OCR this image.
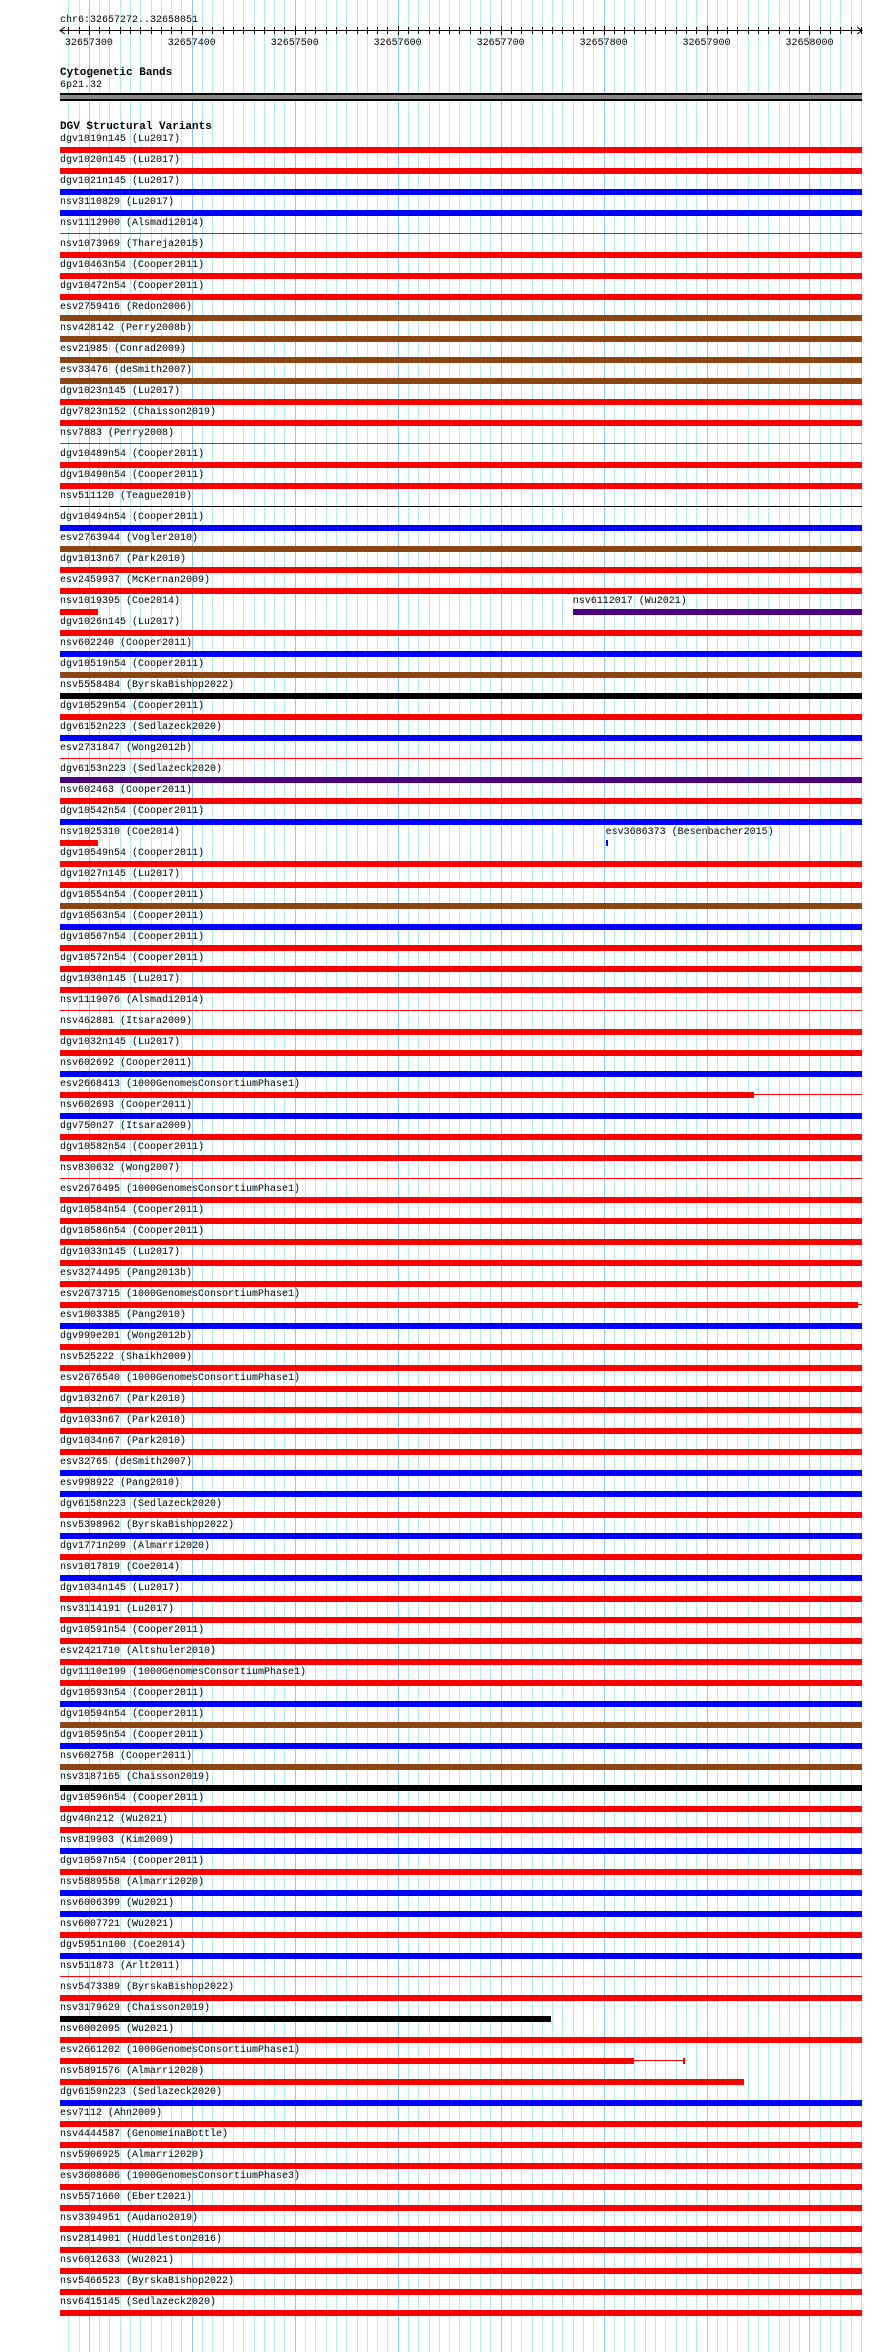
chr6:32657272..32658051
32657300	32657400	32657500	32657600	32657700	32657800	32657900	32658000
Cytogenetic Bands
6p21.32
DGV Structural Variants
dgv1019n145 (Lu2017)
dgv1020n145 (Lu2017)
dgv1021n145 (Lu2017)
nsv3110829 (Lu2017)
nsv1112900 (Alsmadi2014)
nsv1073969 (Thareja2015)
dgv10463n54 (Cooper2011)
dgv10472n54 (Cooper2011)
esv2759416 (Redon2006)
nsv428142 (Perry2008b)
esv21985 (Conrad2009)
esv33476 (deSmith2007)
dgv1023n145 (Lu2017)
dgv7823n152 (Chaisson2019)
nsv7883 (Perry2008)
dgv10489n54 (Cooper2011)
dgv10490n54 (Cooper2011)
nsv511120 (Teague2010)
dgv10494n54 (Cooper2011)
esv2763944 (Vogler2010)
dgv1013n67 (Park2010)
esv2459937 (McKernan2009)
nsv1019395 (Coe2014)	nsv6112017 (Wu2021)
dgv1026n145 (Lu2017)
nsv602240 (Cooper2011)
dgv10519n54 (Cooper2011)
nsv5558484 (ByrskaBishop2022)
dgv10529n54 (Cooper2011)
dgv6152n223 (Sedlazeck2020)
esv2731847 (Wong2012b)
dgv6153n223 (Sedlazeck2020)
nsv602463 (Cooper2011)
dgv10542n54 (Cooper2011)
nsv1025310 (Coe2014)	esv3686373 (Besenbacher2015)
dgv10549n54 (Cooper2011)
dgv1027n145 (Lu2017)
dgv10554n54 (Cooper2011)
dgv10563n54 (Cooper2011)
dgv10567n54 (Cooper2011)
dgv10572n54 (Cooper2011)
dgv1030n145 (Lu2017)
nsv1119076 (Alsmadi2014)
nsv462881 (Itsara2009)
dgv1032n145 (Lu2017)
nsv602692 (Cooper2011)
esv2668413 (1000GenomesConsortiumPhase1)
nsv602693 (Cooper2011)
dgv750n27 (Itsara2009)
dgv10582n54 (Cooper2011)
nsv830632 (Wong2007)
esv2676495 (1000GenomesConsortiumPhase1)
dgv10584n54 (Cooper2011)
dgv10586n54 (Cooper2011)
dgv1033n145 (Lu2017)
esv3274495 (Pang2013b)
esv2673715 (1000GenomesConsortiumPhase1)
esv1003385 (Pang2010)
dgv999e201 (Wong2012b)
nsv525222 (Shaikh2009)
esv2676540 (1000GenomesConsortiumPhase1)
dgv1032n67 (Park2010)
dgv1033n67 (Park2010)
dgv1034n67 (Park2010)
esv32765 (deSmith2007)
esv998922 (Pang2010)
dgv6158n223 (Sedlazeck2020)
nsv5398962 (ByrskaBishop2022)
dgv1771n209 (Almarri2020)
nsv1017819 (Coe2014)
dgv1034n145 (Lu2017)
nsv3114191 (Lu2017)
dgv10591n54 (Cooper2011)
esv2421710 (Altshuler2010)
dgv1110e199 (1000GenomesConsortiumPhase1)
dgv10593n54 (Cooper2011)
dgv10594n54 (Cooper2011)
dgv10595n54 (Cooper2011)
nsv602758 (Cooper2011)
nsv3187165 (Chaisson2019)
dgv10596n54 (Cooper2011)
dgv40n212 (Wu2021)
nsv819903 (Kim2009)
dgv10597n54 (Cooper2011)
nsv5889558 (Almarri2020)
nsv6006399 (Wu2021)
nsv6007721 (Wu2021)
dgv5951n100 (Coe2014)
nsv511873 (Arlt2011)
nsv5473389 (ByrskaBishop2022)
nsv3179629 (Chaisson2019)
nsv6002095 (Wu2021)
esv2661202 (1000GenomesConsortiumPhase1)
nsv5891576 (Almarri2020)
dgv6159n223 (Sedlazeck2020)
esv7112 (Ahn2009)
nsv4444587 (GenomeinaBottle)
nsv5906925 (Almarri2020)
esv3608606 (1000GenomesConsortiumPhase3)
nsv5571660 (Ebert2021)
nsv3394951 (Audano2019)
nsv2814901 (Huddleston2016)
nsv6012633 (Wu2021)
nsv5466523 (ByrskaBishop2022)
nsv6415145 (Sedlazeck2020)
